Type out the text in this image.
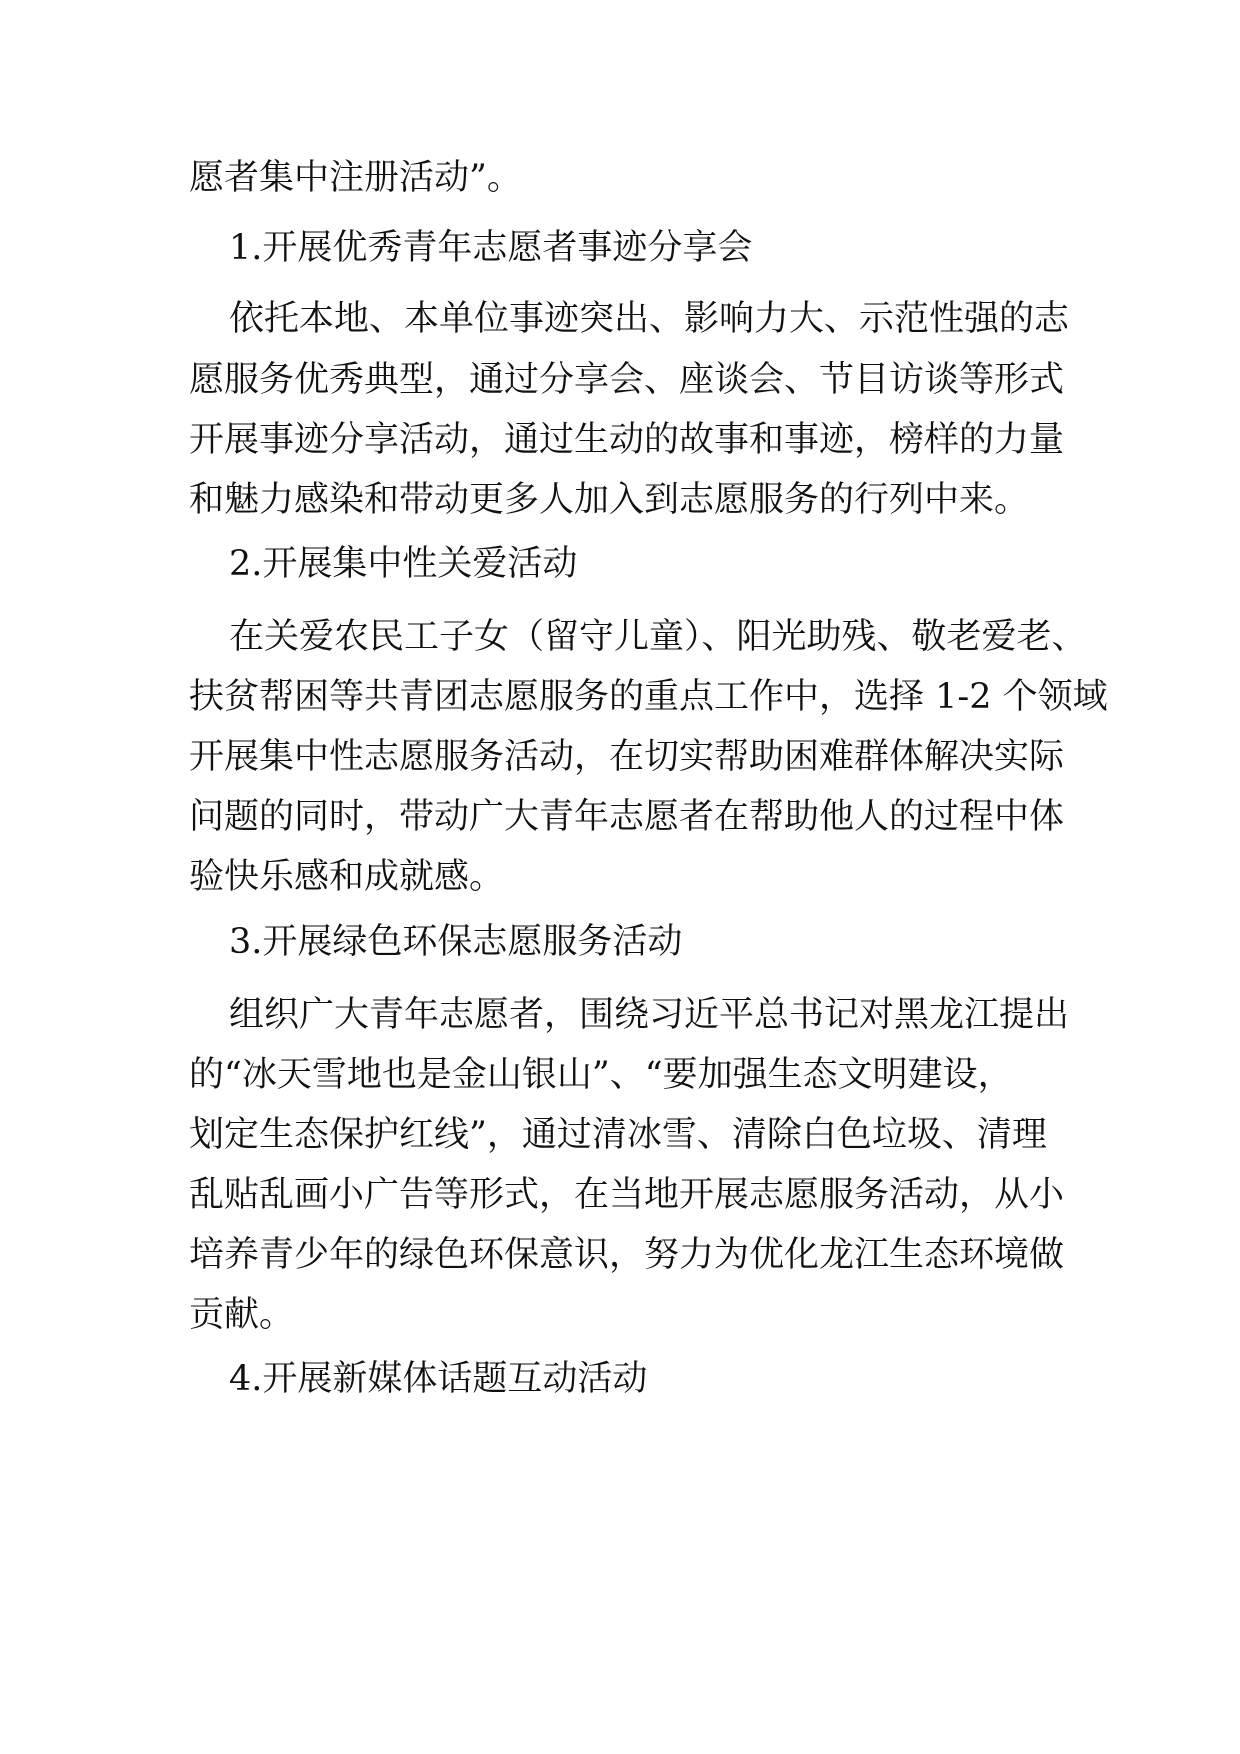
愿者集中注册活动”。
1.开展优秀青年志愿者事迹分享会
依托本地、本单位事迹突出、影响力大、示范性强的志
愿服务优秀典型，通过分享会、座谈会、节目访谈等形式
开展事迹分享活动，通过生动的故事和事迹，榜样的力量
和魅力感染和带动更多人加入到志愿服务的行列中来。
2.开展集中性关爱活动
在关爱农民工子女（留守儿童）、阳光助残、敬老爱老、
扶贫帮困等共青团志愿服务的重点工作中，选择 1-2 个领域
开展集中性志愿服务活动，在切实帮助困难群体解决实际
问题的同时，带动广大青年志愿者在帮助他人的过程中体
验快乐感和成就感。
3.开展绿色环保志愿服务活动
组织广大青年志愿者，围绕习近平总书记对黑龙江提出
的“冰天雪地也是金山银山”、“要加强生态文明建设，
划定生态保护红线”，通过清冰雪、清除白色垃圾、清理
乱贴乱画小广告等形式，在当地开展志愿服务活动，从小
培养青少年的绿色环保意识，努力为优化龙江生态环境做
贡献。
4.开展新媒体话题互动活动
